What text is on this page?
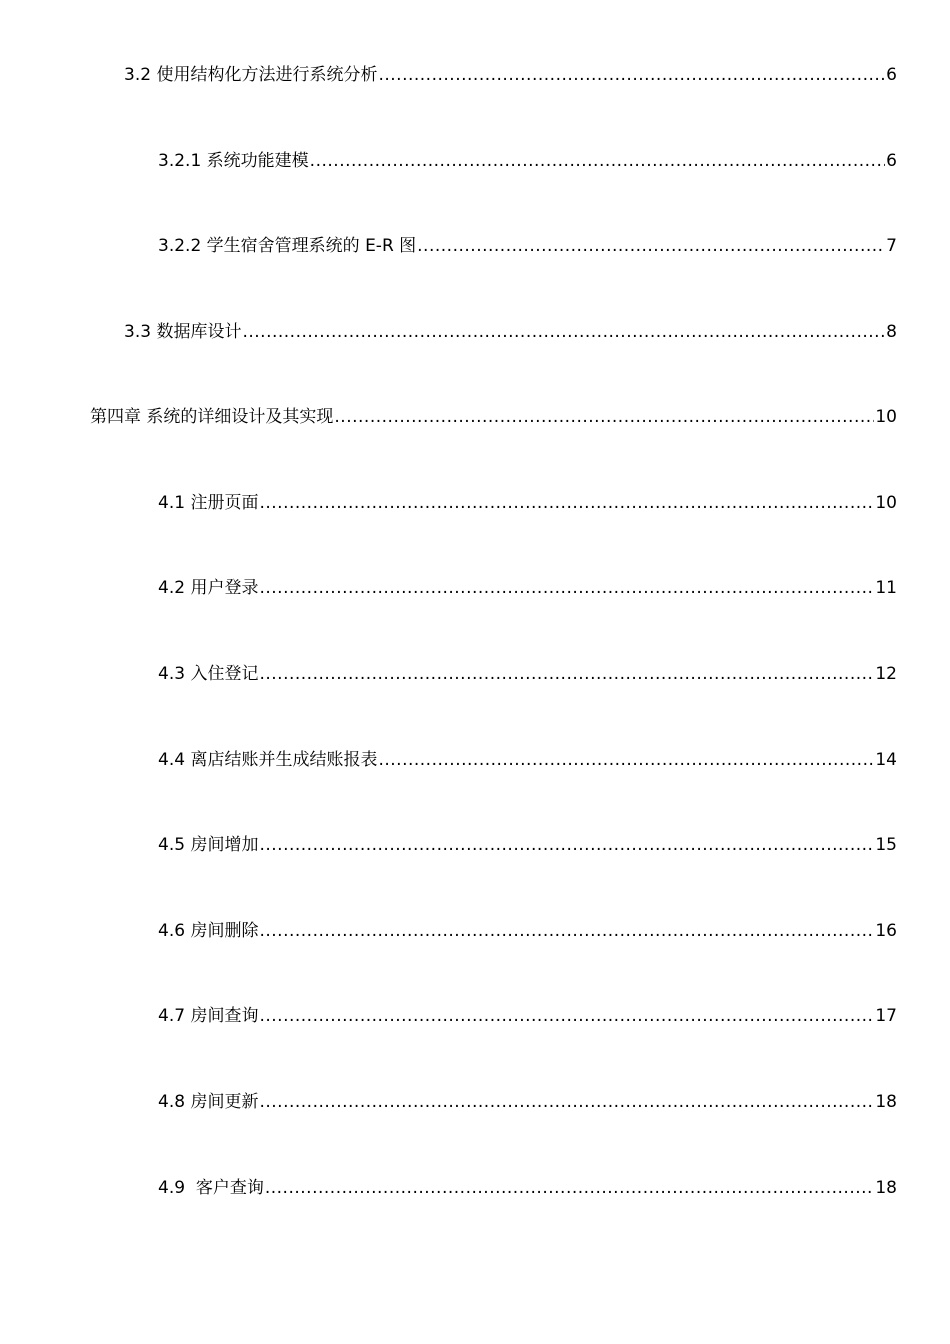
3.2 使用结构化方法进行系统分析 .....	6
3.2.1 系统功能建模 .....	6
3.2.2 学生宿舍管理系统的 E-R 图 .....	7
3.3 数据库设计 .....	8
第四章 系统的详细设计及其实现 .....	10
4.1 注册页面 .....	10
4.2 用户登录 .....	11
4.3 入住登记 .....	12
4.4 离店结账并生成结账报表 .....	14
4.5 房间增加 .....	15
4.6 房间删除 .....	16
4.7 房间查询 .....	17
4.8 房间更新 .....	18
4.9  客户查询 .....	18
